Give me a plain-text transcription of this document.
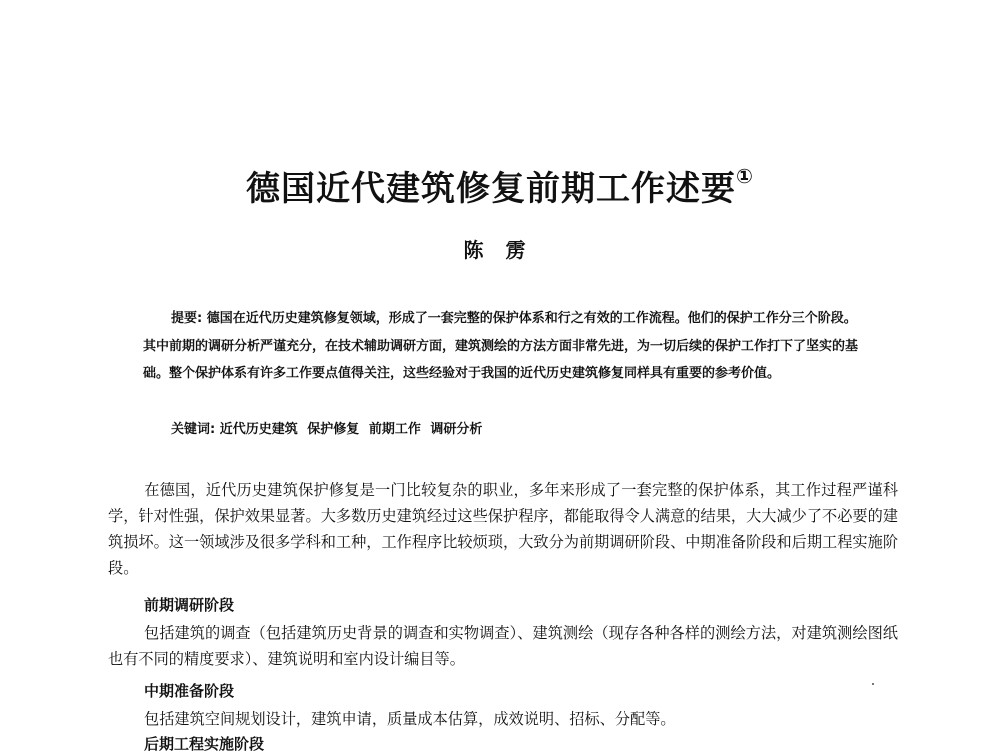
德国近代建筑修复前期工作述要①
陈雳

提要: 德国在近代历史建筑修复领域，形成了一套完整的保护体系和行之有效的工作流程。他们的保护工作分三个阶段。其中前期的调研分析严谨充分，在技术辅助调研方面，建筑测绘的方法方面非常先进，为一切后续的保护工作打下了坚实的基础。整个保护体系有许多工作要点值得关注，这些经验对于我国的近代历史建筑修复同样具有重要的参考价值。

关键词: 近代历史建筑 保护修复 前期工作 调研分析

在德国，近代历史建筑保护修复是一门比较复杂的职业，多年来形成了一套完整的保护体系，其工作过程严谨科学，针对性强，保护效果显著。大多数历史建筑经过这些保护程序，都能取得令人满意的结果，大大减少了不必要的建筑损坏。这一领域涉及很多学科和工种，工作程序比较烦琐，大致分为前期调研阶段、中期准备阶段和后期工程实施阶段。

前期调研阶段

包括建筑的调查（包括建筑历史背景的调查和实物调查）、建筑测绘（现存各种各样的测绘方法，对建筑测绘图纸也有不同的精度要求）、建筑说明和室内设计编目等。

中期准备阶段

包括建筑空间规划设计，建筑申请，质量成本估算，成效说明、招标、分配等。

后期工程实施阶段
